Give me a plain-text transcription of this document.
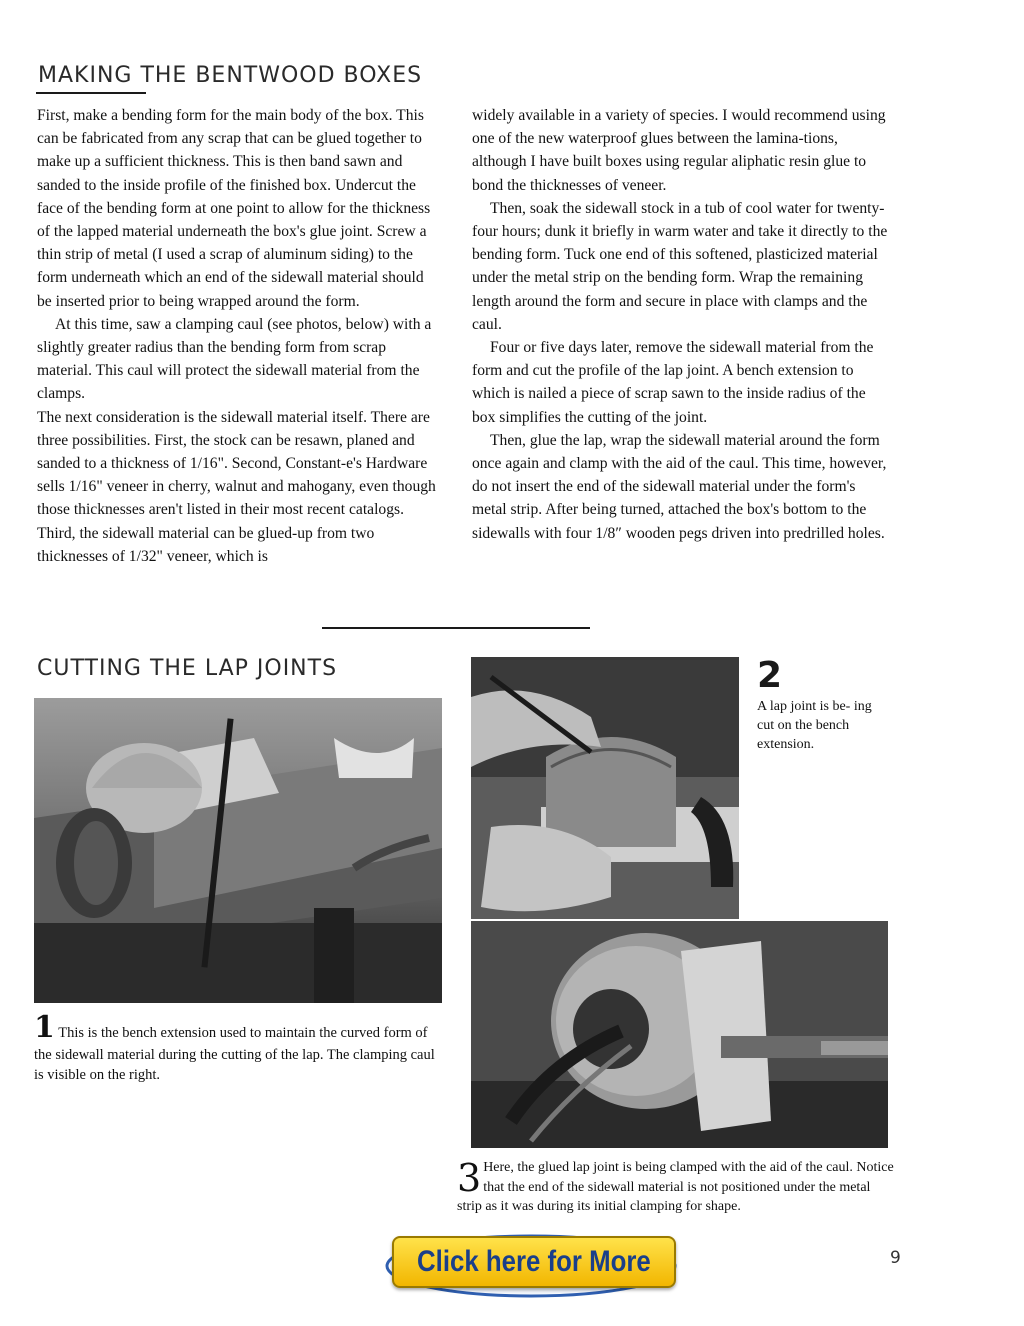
MAKING THE BENTWOOD BOXES

First, make a bending form for the main body of the box. This can be fabricated from any scrap that can be glued together to make up a sufficient thickness. This is then band sawn and sanded to the inside profile of the finished box. Undercut the face of the bending form at one point to allow for the thickness of the lapped material underneath the box's glue joint. Screw a thin strip of metal (I used a scrap of aluminum siding) to the form underneath which an end of the sidewall material should be inserted prior to being wrapped around the form.

At this time, saw a clamping caul (see photos, below) with a slightly greater radius than the bending form from scrap material. This caul will protect the sidewall material from the clamps.

The next consideration is the sidewall material itself. There are three possibilities. First, the stock can be resawn, planed and sanded to a thickness of 1/16". Second, Constant-e's Hardware sells 1/16" veneer in cherry, walnut and mahogany, even though those thicknesses aren't listed in their most recent catalogs. Third, the sidewall material can be glued-up from two thicknesses of 1/32" veneer, which is

widely available in a variety of species. I would recommend using one of the new waterproof glues between the lamina-tions, although I have built boxes using regular aliphatic resin glue to bond the thicknesses of veneer.

Then, soak the sidewall stock in a tub of cool water for twenty-four hours; dunk it briefly in warm water and take it directly to the bending form. Tuck one end of this softened, plasticized material under the metal strip on the bending form. Wrap the remaining length around the form and secure in place with clamps and the caul.

Four or five days later, remove the sidewall material from the form and cut the profile of the lap joint. A bench extension to which is nailed a piece of scrap sawn to the inside radius of the box simplifies the cutting of the joint.

Then, glue the lap, wrap the sidewall material around the form once again and clamp with the aid of the caul. This time, however, do not insert the end of the sidewall material under the form's metal strip. After being turned, attached the box's bottom to the sidewalls with four 1/8″ wooden pegs driven into predrilled holes.

CUTTING THE LAP JOINTS
1 This is the bench extension used to maintain the curved form of the sidewall material during the cutting of the lap. The clamping caul is visible on the right.
2
A lap joint is be- ing cut on the bench extension.
3 Here, the glued lap joint is being clamped with the aid of the caul. Notice that the end of the sidewall material is not positioned under the metal strip as it was during its initial clamping for shape.
9
Click here for More
